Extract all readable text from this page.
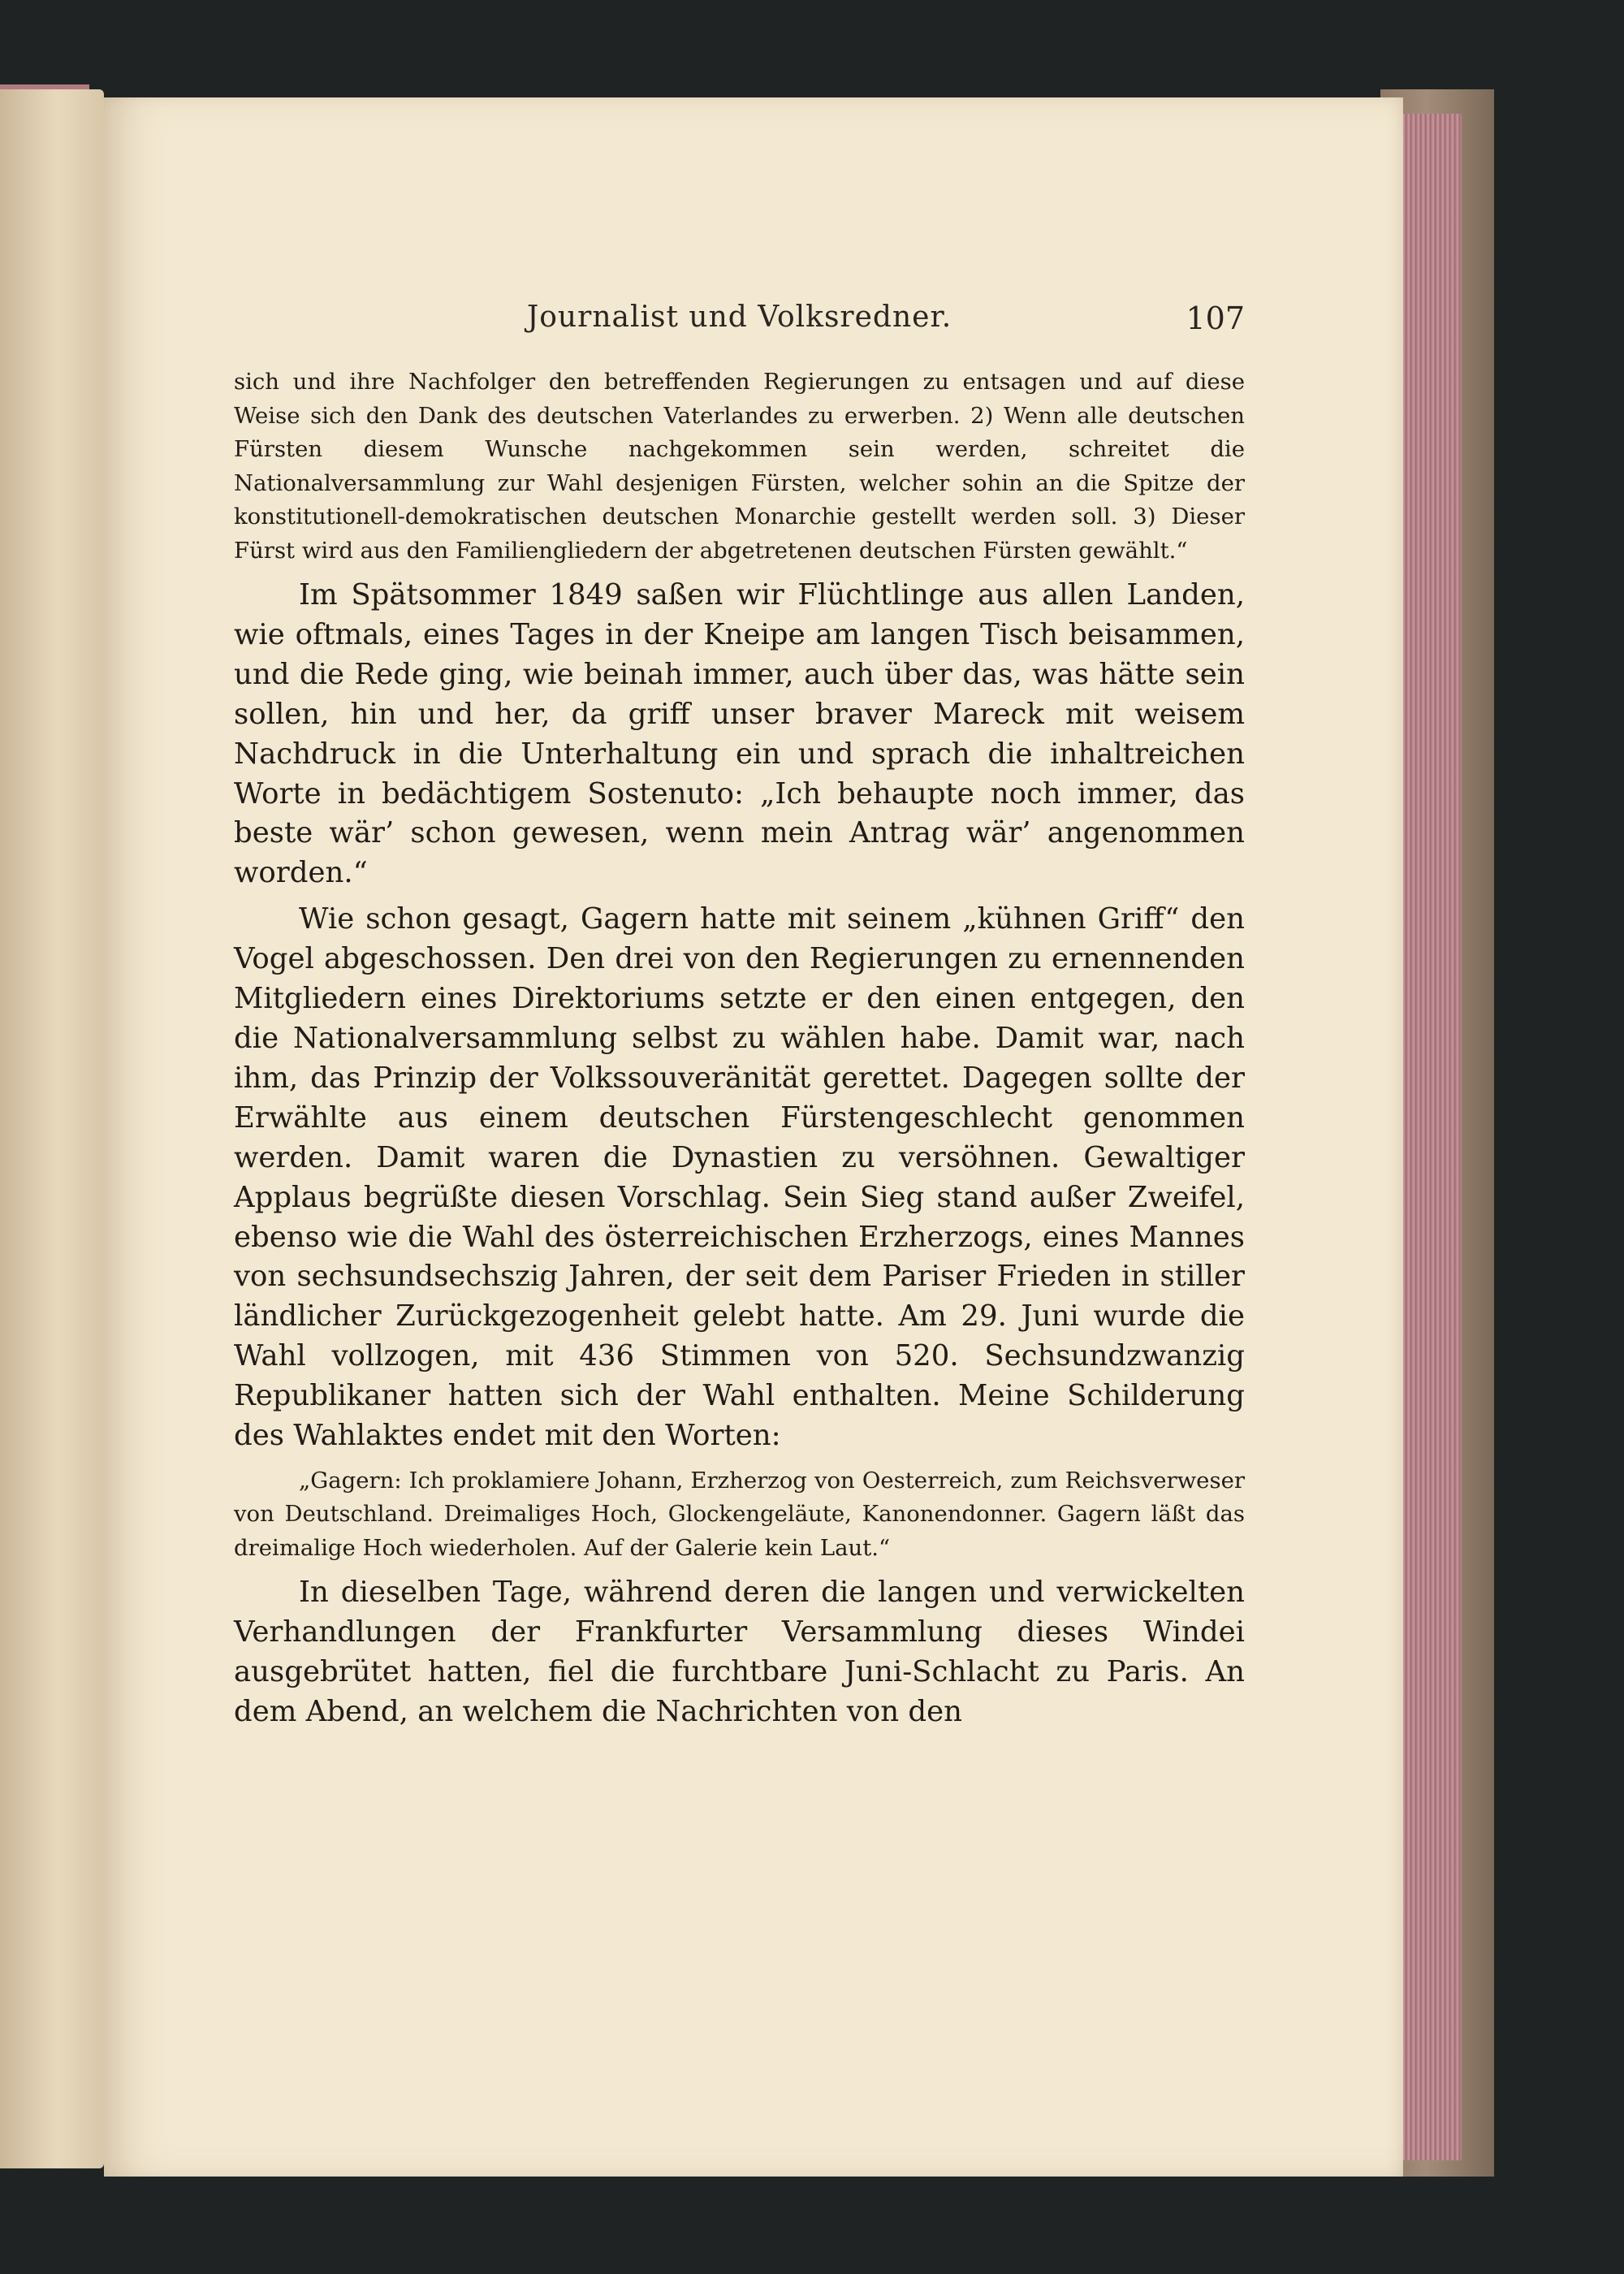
Journalist und Volksredner.	107

sich und ihre Nachfolger den betreffenden Regierungen zu entsagen und auf diese Weise sich den Dank des deutschen Vaterlandes zu erwerben. 2) Wenn alle deutschen Fürsten diesem Wunsche nachgekommen sein werden, schreitet die Nationalversammlung zur Wahl desjenigen Fürsten, welcher sohin an die Spitze der konstitutionell-demokratischen deutschen Monarchie gestellt werden soll. 3) Dieser Fürst wird aus den Familiengliedern der abgetretenen deutschen Fürsten gewählt.“

Im Spätsommer 1849 saßen wir Flüchtlinge aus allen Landen, wie oftmals, eines Tages in der Kneipe am langen Tisch beisammen, und die Rede ging, wie beinah immer, auch über das, was hätte sein sollen, hin und her, da griff unser braver Mareck mit weisem Nachdruck in die Unterhaltung ein und sprach die inhaltreichen Worte in bedächtigem Sostenuto: „Ich behaupte noch immer, das beste wär’ schon gewesen, wenn mein Antrag wär’ angenommen worden.“

Wie schon gesagt, Gagern hatte mit seinem „kühnen Griff“ den Vogel abgeschossen. Den drei von den Regierungen zu ernennenden Mitgliedern eines Direktoriums setzte er den einen entgegen, den die Nationalversammlung selbst zu wählen habe. Damit war, nach ihm, das Prinzip der Volkssouveränität gerettet. Dagegen sollte der Erwählte aus einem deutschen Fürstengeschlecht genommen werden. Damit waren die Dynastien zu versöhnen. Gewaltiger Applaus begrüßte diesen Vorschlag. Sein Sieg stand außer Zweifel, ebenso wie die Wahl des österreichischen Erzherzogs, eines Mannes von sechsundsechszig Jahren, der seit dem Pariser Frieden in stiller ländlicher Zurückgezogenheit gelebt hatte. Am 29. Juni wurde die Wahl vollzogen, mit 436 Stimmen von 520. Sechsundzwanzig Republikaner hatten sich der Wahl enthalten. Meine Schilderung des Wahlaktes endet mit den Worten:

„Gagern: Ich proklamiere Johann, Erzherzog von Oesterreich, zum Reichsverweser von Deutschland. Dreimaliges Hoch, Glockengeläute, Kanonendonner. Gagern läßt das dreimalige Hoch wiederholen. Auf der Galerie kein Laut.“

In dieselben Tage, während deren die langen und verwickelten Verhandlungen der Frankfurter Versammlung dieses Windei ausgebrütet hatten, fiel die furchtbare Juni-Schlacht zu Paris. An dem Abend, an welchem die Nachrichten von den
